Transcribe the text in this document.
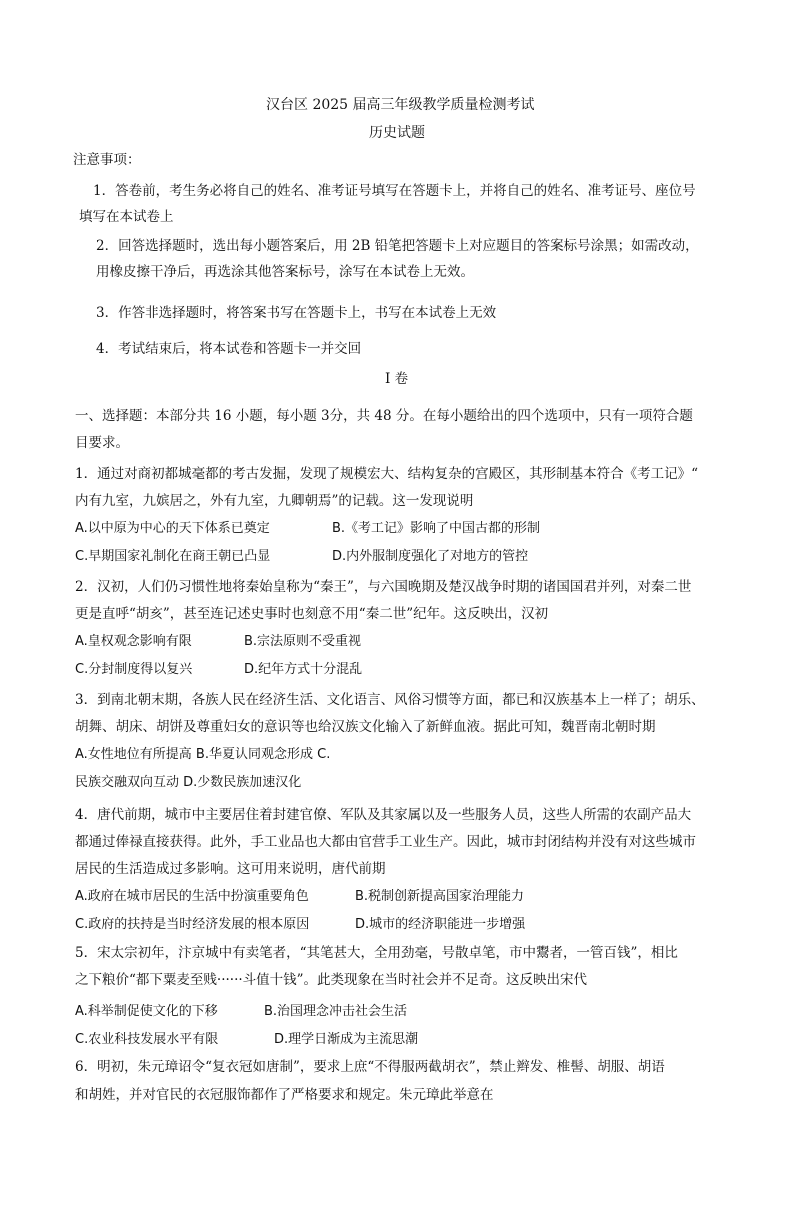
汉台区 2025 届高三年级教学质量检测考试
历史试题
注意事项：
1．答卷前，考生务必将自己的姓名、准考证号填写在答题卡上，并将自己的姓名、准考证号、座位号
填写在本试卷上
2．回答选择题时，选出每小题答案后，用 2B 铅笔把答题卡上对应题目的答案标号涂黑；如需改动，
用橡皮擦干净后，再选涂其他答案标号，涂写在本试卷上无效。
3．作答非选择题时，将答案书写在答题卡上，书写在本试卷上无效
4．考试结束后，将本试卷和答题卡一并交回
I 卷
一、选择题：本部分共 16 小题，每小题 3分，共 48 分。在每小题给出的四个选项中，只有一项符合题
目要求。
1．通过对商初都城毫都的考古发掘，发现了规模宏大、结构复杂的宫殿区，其形制基本符合《考工记》“
内有九室，九嫔居之，外有九室，九卿朝焉”的记载。这一发现说明
A.以中原为中心的天下体系已奠定	B.《考工记》影响了中国古都的形制
C.早期国家礼制化在商王朝已凸显	D.内外服制度强化了对地方的管控
2．汉初，人们仍习惯性地将秦始皇称为“秦王”，与六国晚期及楚汉战争时期的诸国国君并列，对秦二世
更是直呼“胡亥”，甚至连记述史事时也刻意不用“秦二世”纪年。这反映出，汉初
A.皇权观念影响有限	B.宗法原则不受重视
C.分封制度得以复兴	D.纪年方式十分混乱
3．到南北朝末期，各族人民在经济生活、文化语言、风俗习惯等方面，都已和汉族基本上一样了；胡乐、
胡舞、胡床、胡饼及尊重妇女的意识等也给汉族文化输入了新鲜血液。据此可知，魏晋南北朝时期
A.女性地位有所提高 B.华夏认同观念形成 C.
民族交融双向互动 D.少数民族加速汉化
4．唐代前期，城市中主要居住着封建官僚、军队及其家属以及一些服务人员，这些人所需的农副产品大
都通过俸禄直接获得。此外，手工业品也大都由官营手工业生产。因此，城市封闭结构并没有对这些城市
居民的生活造成过多影响。这可用来说明，唐代前期
A.政府在城市居民的生活中扮演重要角色	B.税制创新提高国家治理能力
C.政府的扶持是当时经济发展的根本原因	D.城市的经济职能进一步增强
5．宋太宗初年，汴京城中有卖笔者，“其笔甚大，全用劲毫，号散卓笔，市中鬻者，一管百钱”，相比
之下粮价“都下粟麦至贱······斗值十钱”。此类现象在当时社会并不足奇。这反映出宋代
A.科举制促使文化的下移	B.治国理念冲击社会生活
C.农业科技发展水平有限	D.理学日渐成为主流思潮
6．明初，朱元璋诏令“复衣冠如唐制”，要求上庶“不得服两截胡衣”，禁止辫发、椎髻、胡服、胡语
和胡姓，并对官民的衣冠服饰都作了严格要求和规定。朱元璋此举意在
